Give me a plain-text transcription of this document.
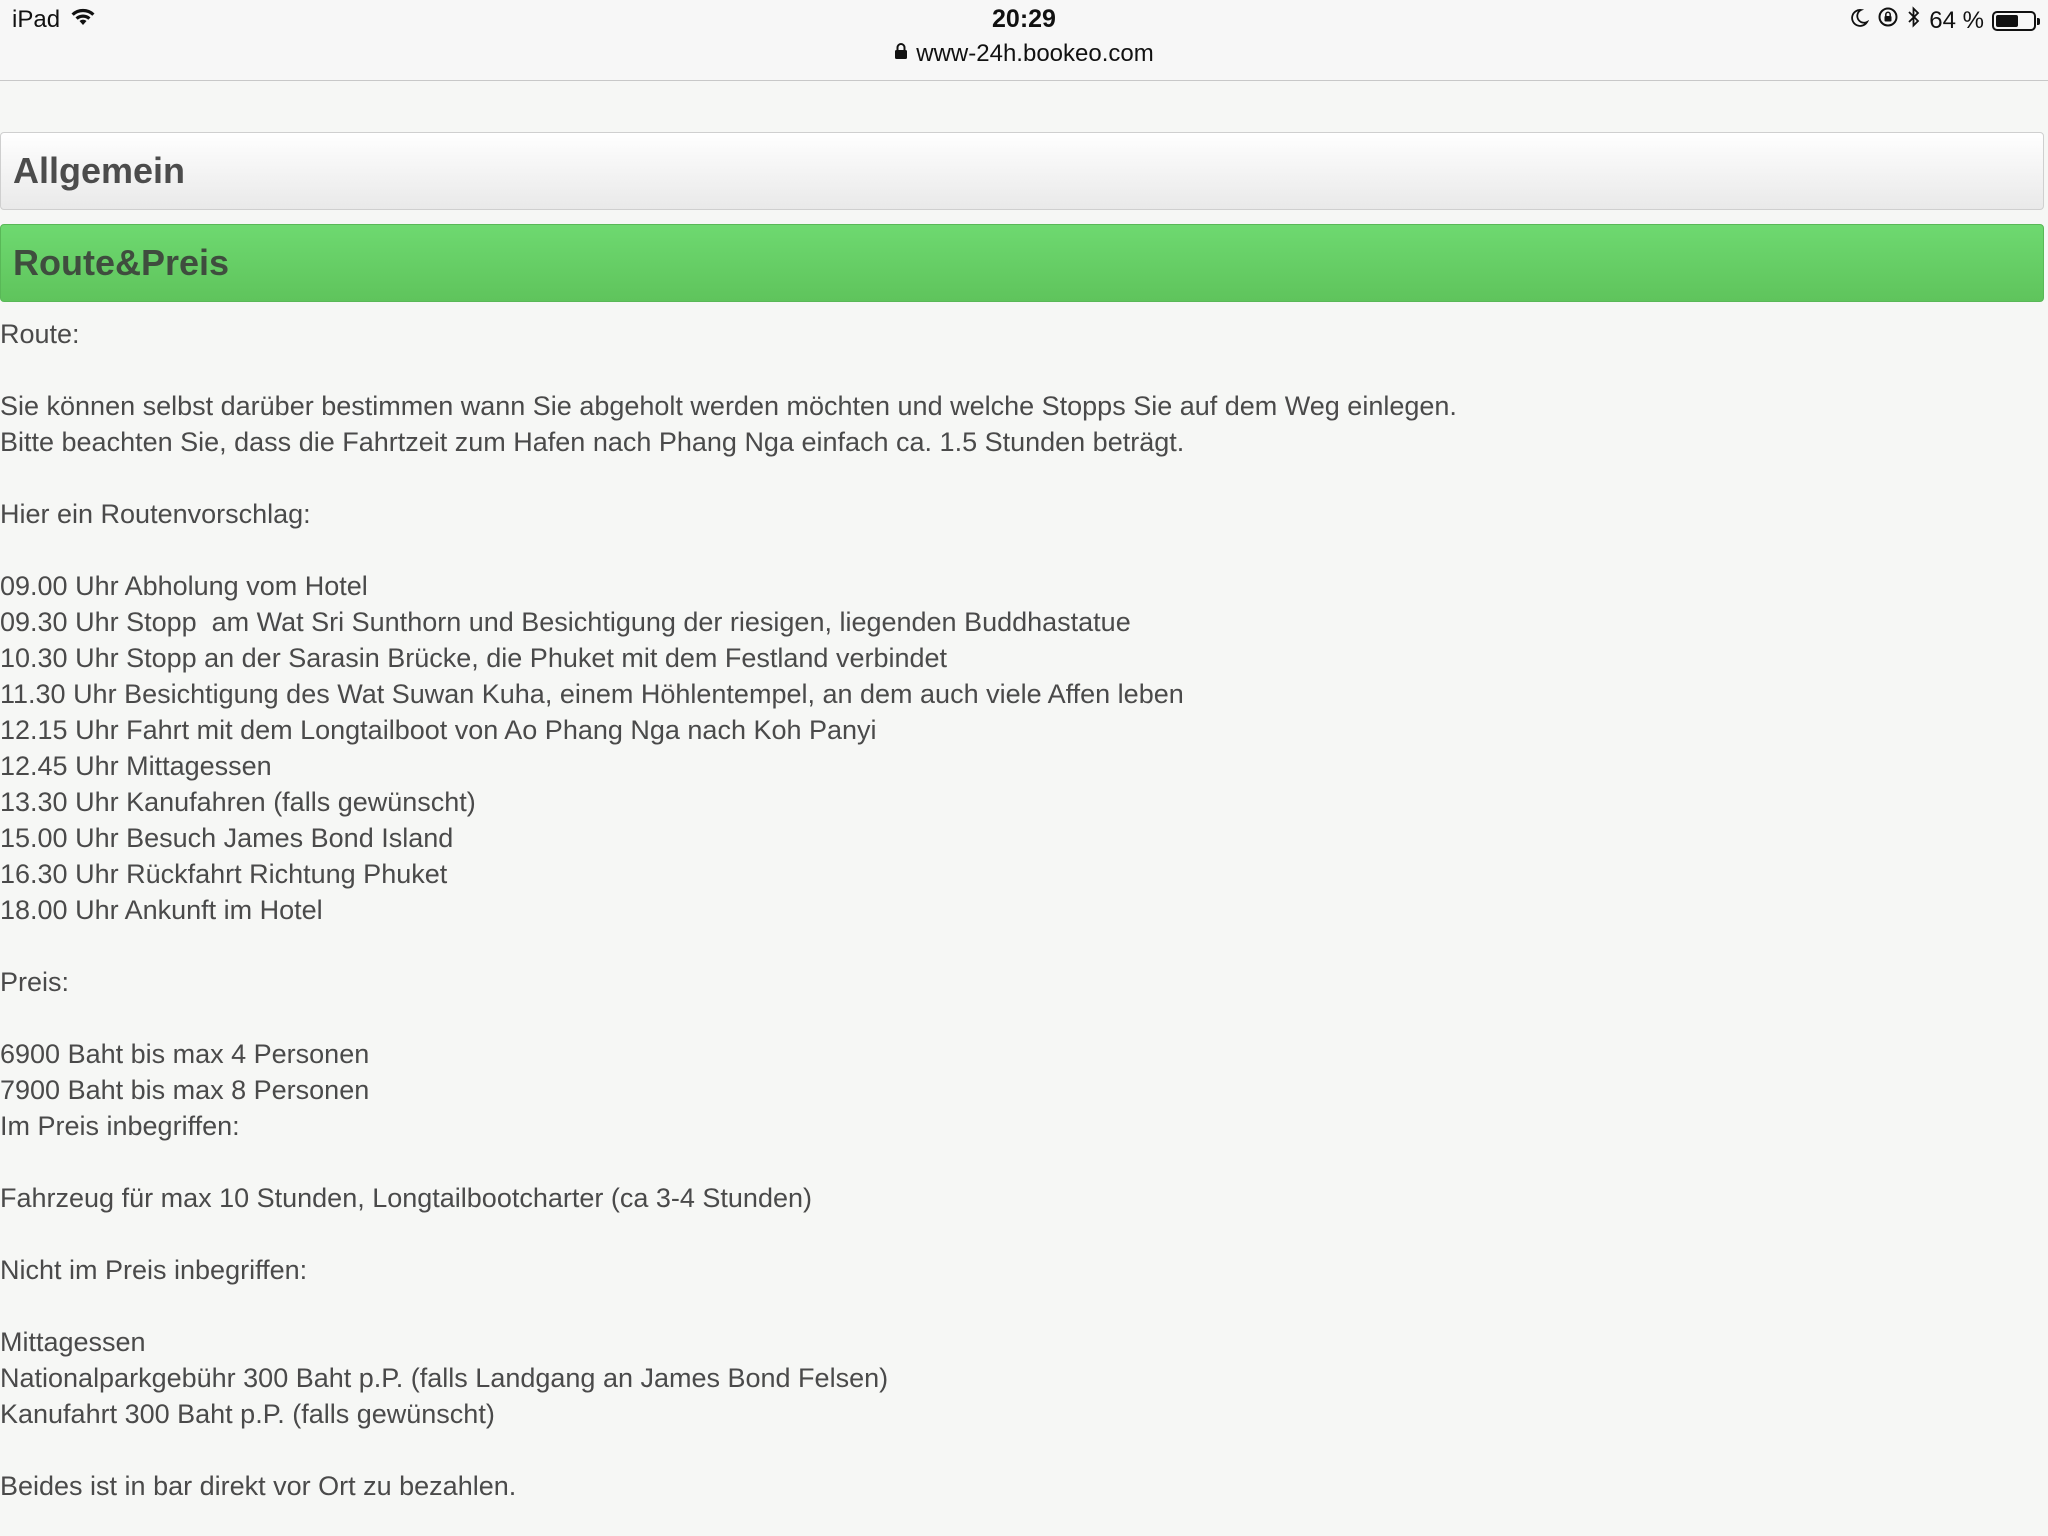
iPad	20:29
www-24h.bookeo.com
64 %
Allgemein
Route&Preis

Route:

Sie können selbst darüber bestimmen wann Sie abgeholt werden möchten und welche Stopps Sie auf dem Weg einlegen.

Bitte beachten Sie, dass die Fahrtzeit zum Hafen nach Phang Nga einfach ca. 1.5 Stunden beträgt.

Hier ein Routenvorschlag:

09.00 Uhr Abholung vom Hotel

09.30 Uhr Stopp  am Wat Sri Sunthorn und Besichtigung der riesigen, liegenden Buddhastatue

10.30 Uhr Stopp an der Sarasin Brücke, die Phuket mit dem Festland verbindet

11.30 Uhr Besichtigung des Wat Suwan Kuha, einem Höhlentempel, an dem auch viele Affen leben

12.15 Uhr Fahrt mit dem Longtailboot von Ao Phang Nga nach Koh Panyi

12.45 Uhr Mittagessen

13.30 Uhr Kanufahren (falls gewünscht)

15.00 Uhr Besuch James Bond Island

16.30 Uhr Rückfahrt Richtung Phuket

18.00 Uhr Ankunft im Hotel

Preis:

6900 Baht bis max 4 Personen

7900 Baht bis max 8 Personen

Im Preis inbegriffen:

Fahrzeug für max 10 Stunden, Longtailbootcharter (ca 3-4 Stunden)

Nicht im Preis inbegriffen:

Mittagessen

Nationalparkgebühr 300 Baht p.P. (falls Landgang an James Bond Felsen)

Kanufahrt 300 Baht p.P. (falls gewünscht)

Beides ist in bar direkt vor Ort zu bezahlen.
